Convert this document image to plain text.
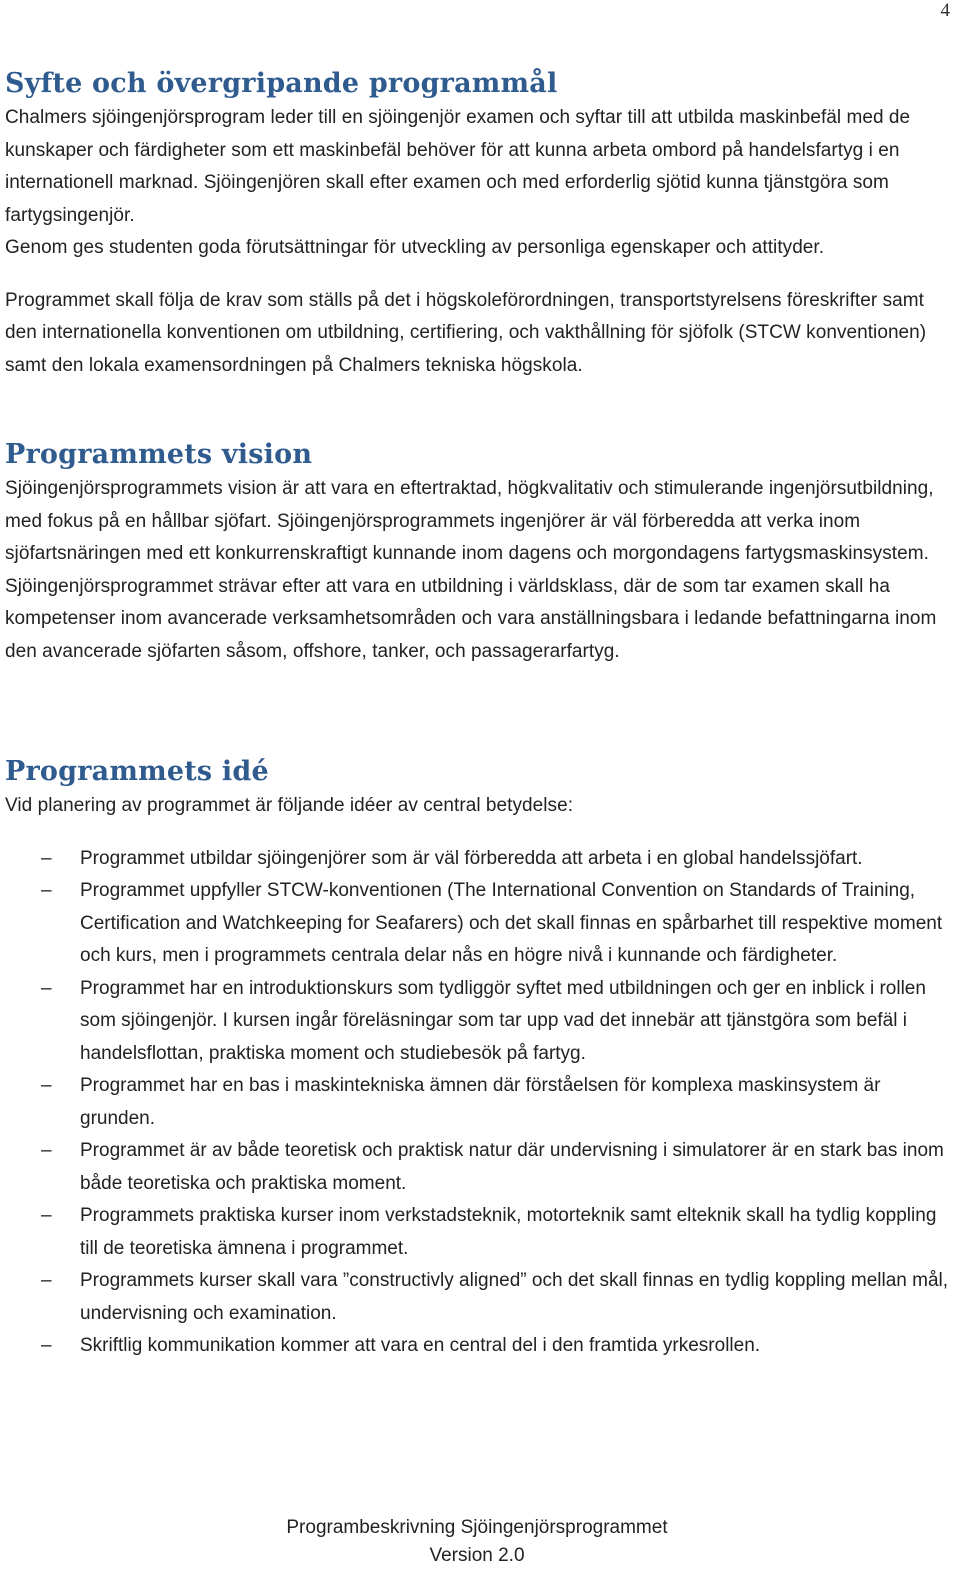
4
Syfte och övergripande programmål

Chalmers sjöingenjörsprogram leder till en sjöingenjör examen och syftar till att utbilda maskinbefäl med de kunskaper och färdigheter som ett maskinbefäl behöver för att kunna arbeta ombord på handelsfartyg i en internationell marknad. Sjöingenjören skall efter examen och med erforderlig sjötid kunna tjänstgöra som fartygsingenjör.

Genom ges studenten goda förutsättningar för utveckling av personliga egenskaper och attityder.

Programmet skall följa de krav som ställs på det i högskoleförordningen, transportstyrelsens föreskrifter samt den internationella konventionen om utbildning, certifiering, och vakthållning för sjöfolk (STCW konventionen) samt den lokala examensordningen på Chalmers tekniska högskola.

Programmets vision

Sjöingenjörsprogrammets vision är att vara en eftertraktad, högkvalitativ och stimulerande ingenjörsutbildning, med fokus på en hållbar sjöfart. Sjöingenjörsprogrammets ingenjörer är väl förberedda att verka inom sjöfartsnäringen med ett konkurrenskraftigt kunnande inom dagens och morgondagens fartygsmaskinsystem. Sjöingenjörsprogrammet strävar efter att vara en utbildning i världsklass, där de som tar examen skall ha kompetenser inom avancerade verksamhetsområden och vara anställningsbara i ledande befattningarna inom den avancerade sjöfarten såsom, offshore, tanker, och passagerarfartyg.

Programmets idé

Vid planering av programmet är följande idéer av central betydelse:

– Programmet utbildar sjöingenjörer som är väl förberedda att arbeta i en global handelssjöfart.
– Programmet uppfyller STCW-konventionen (The International Convention on Standards of Training, Certification and Watchkeeping for Seafarers) och det skall finnas en spårbarhet till respektive moment och kurs, men i programmets centrala delar nås en högre nivå i kunnande och färdigheter.
– Programmet har en introduktionskurs som tydliggör syftet med utbildningen och ger en inblick i rollen som sjöingenjör. I kursen ingår föreläsningar som tar upp vad det innebär att tjänstgöra som befäl i handelsflottan, praktiska moment och studiebesök på fartyg.
– Programmet har en bas i maskintekniska ämnen där förståelsen för komplexa maskinsystem är grunden.
– Programmet är av både teoretisk och praktisk natur där undervisning i simulatorer är en stark bas inom både teoretiska och praktiska moment.
– Programmets praktiska kurser inom verkstadsteknik, motorteknik samt elteknik skall ha tydlig koppling till de teoretiska ämnena i programmet.
– Programmets kurser skall vara ”constructivly aligned” och det skall finnas en tydlig koppling mellan mål, undervisning och examination.
– Skriftlig kommunikation kommer att vara en central del i den framtida yrkesrollen.
Programbeskrivning Sjöingenjörsprogrammet
Version 2.0
